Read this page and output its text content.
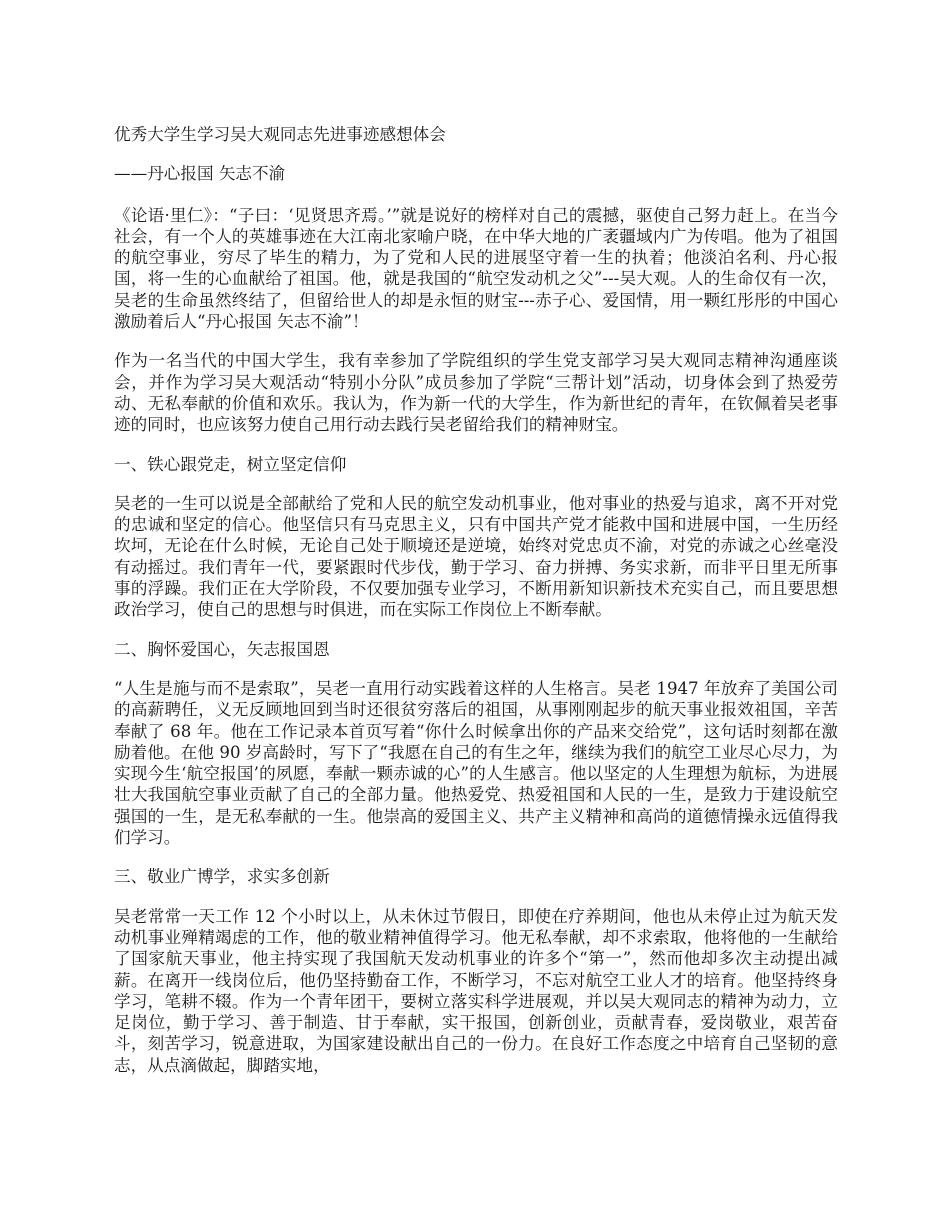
优秀大学生学习吴大观同志先进事迹感想体会

——丹心报国 矢志不渝

《论语·里仁》：“子曰：‘见贤思齐焉。’”就是说好的榜样对自己的震撼，驱使自己努力赶上。在当今社会，有一个人的英雄事迹在大江南北家喻户晓，在中华大地的广袤疆域内广为传唱。他为了祖国的航空事业，穷尽了毕生的精力，为了党和人民的进展坚守着一生的执着；他淡泊名利、丹心报国，将一生的心血献给了祖国。他，就是我国的“航空发动机之父”---吴大观。人的生命仅有一次，吴老的生命虽然终结了，但留给世人的却是永恒的财宝---赤子心、爱国情，用一颗红彤彤的中国心激励着后人“丹心报国 矢志不渝”！

作为一名当代的中国大学生，我有幸参加了学院组织的学生党支部学习吴大观同志精神沟通座谈会，并作为学习吴大观活动“特别小分队”成员参加了学院“三帮计划”活动，切身体会到了热爱劳动、无私奉献的价值和欢乐。我认为，作为新一代的大学生，作为新世纪的青年，在钦佩着吴老事迹的同时，也应该努力使自己用行动去践行吴老留给我们的精神财宝。

一、铁心跟党走，树立坚定信仰

吴老的一生可以说是全部献给了党和人民的航空发动机事业，他对事业的热爱与追求，离不开对党的忠诚和坚定的信心。他坚信只有马克思主义，只有中国共产党才能救中国和进展中国，一生历经坎坷，无论在什么时候，无论自己处于顺境还是逆境，始终对党忠贞不渝，对党的赤诚之心丝毫没有动摇过。我们青年一代，要紧跟时代步伐，勤于学习、奋力拼搏、务实求新，而非平日里无所事事的浮躁。我们正在大学阶段，不仅要加强专业学习，不断用新知识新技术充实自己，而且要思想政治学习，使自己的思想与时俱进，而在实际工作岗位上不断奉献。

二、胸怀爱国心，矢志报国恩

“人生是施与而不是索取”，吴老一直用行动实践着这样的人生格言。吴老 1947 年放弃了美国公司的高薪聘任，义无反顾地回到当时还很贫穷落后的祖国，从事刚刚起步的航天事业报效祖国，辛苦奉献了 68 年。他在工作记录本首页写着“你什么时候拿出你的产品来交给党”，这句话时刻都在激励着他。在他 90 岁高龄时，写下了“我愿在自己的有生之年，继续为我们的航空工业尽心尽力，为实现今生‘航空报国’的夙愿，奉献一颗赤诚的心”的人生感言。他以坚定的人生理想为航标，为进展壮大我国航空事业贡献了自己的全部力量。他热爱党、热爱祖国和人民的一生，是致力于建设航空强国的一生，是无私奉献的一生。他崇高的爱国主义、共产主义精神和高尚的道德情操永远值得我们学习。

三、敬业广博学，求实多创新

吴老常常一天工作 12 个小时以上，从未休过节假日，即使在疗养期间，他也从未停止过为航天发动机事业殚精竭虑的工作，他的敬业精神值得学习。他无私奉献，却不求索取，他将他的一生献给了国家航天事业，他主持实现了我国航天发动机事业的许多个“第一”，然而他却多次主动提出减薪。在离开一线岗位后，他仍坚持勤奋工作，不断学习，不忘对航空工业人才的培育。他坚持终身学习，笔耕不辍。作为一个青年团干，要树立落实科学进展观，并以吴大观同志的精神为动力，立足岗位，勤于学习、善于制造、甘于奉献，实干报国，创新创业，贡献青春，爱岗敬业，艰苦奋斗，刻苦学习，锐意进取，为国家建设献出自己的一份力。在良好工作态度之中培育自己坚韧的意志，从点滴做起，脚踏实地，
